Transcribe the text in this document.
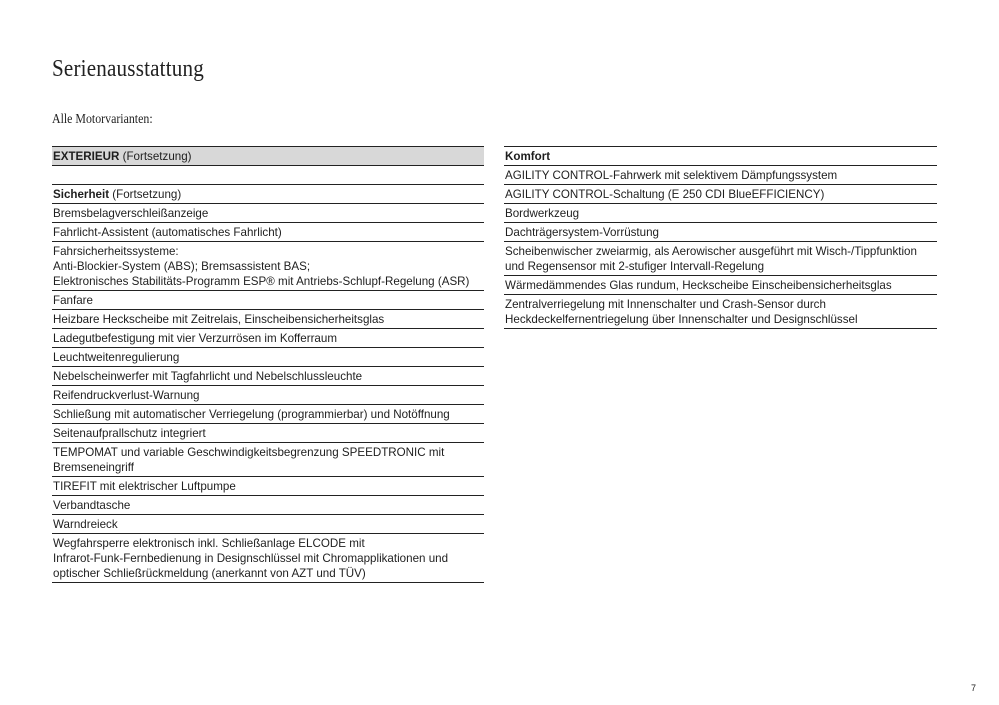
Serienausstattung
Alle Motorvarianten:
EXTERIEUR (Fortsetzung)
Sicherheit (Fortsetzung)
Bremsbelagverschleißanzeige
Fahrlicht-Assistent (automatisches Fahrlicht)
Fahrsicherheitssysteme:
Anti-Blockier-System (ABS); Bremsassistent BAS;
Elektronisches Stabilitäts-Programm ESP® mit Antriebs-Schlupf-Regelung (ASR)
Fanfare
Heizbare Heckscheibe mit Zeitrelais, Einscheibensicherheitsglas
Ladegutbefestigung mit vier Verzurrösen im Kofferraum
Leuchtweitenregulierung
Nebelscheinwerfer mit Tagfahrlicht und Nebelschlussleuchte
Reifendruckverlust-Warnung
Schließung mit automatischer Verriegelung (programmierbar) und Notöffnung
Seitenaufprallschutz integriert
TEMPOMAT und variable Geschwindigkeitsbegrenzung SPEEDTRONIC mit
Bremseneingriff
TIREFIT mit elektrischer Luftpumpe
Verbandtasche
Warndreieck
Wegfahrsperre elektronisch inkl. Schließanlage ELCODE mit
Infrarot-Funk-Fernbedienung in Designschlüssel mit Chromapplikationen und
optischer Schließrückmeldung (anerkannt von AZT und TÜV)
Komfort
AGILITY CONTROL-Fahrwerk mit selektivem Dämpfungssystem
AGILITY CONTROL-Schaltung (E 250 CDI BlueEFFICIENCY)
Bordwerkzeug
Dachträgersystem-Vorrüstung
Scheibenwischer zweiarmig, als Aerowischer ausgeführt mit Wisch-/Tippfunktion
und Regensensor mit 2-stufiger Intervall-Regelung
Wärmedämmendes Glas rundum, Heckscheibe Einscheibensicherheitsglas
Zentralverriegelung mit Innenschalter und Crash-Sensor durch
Heckdeckelfernentriegelung über Innenschalter und Designschlüssel
7
